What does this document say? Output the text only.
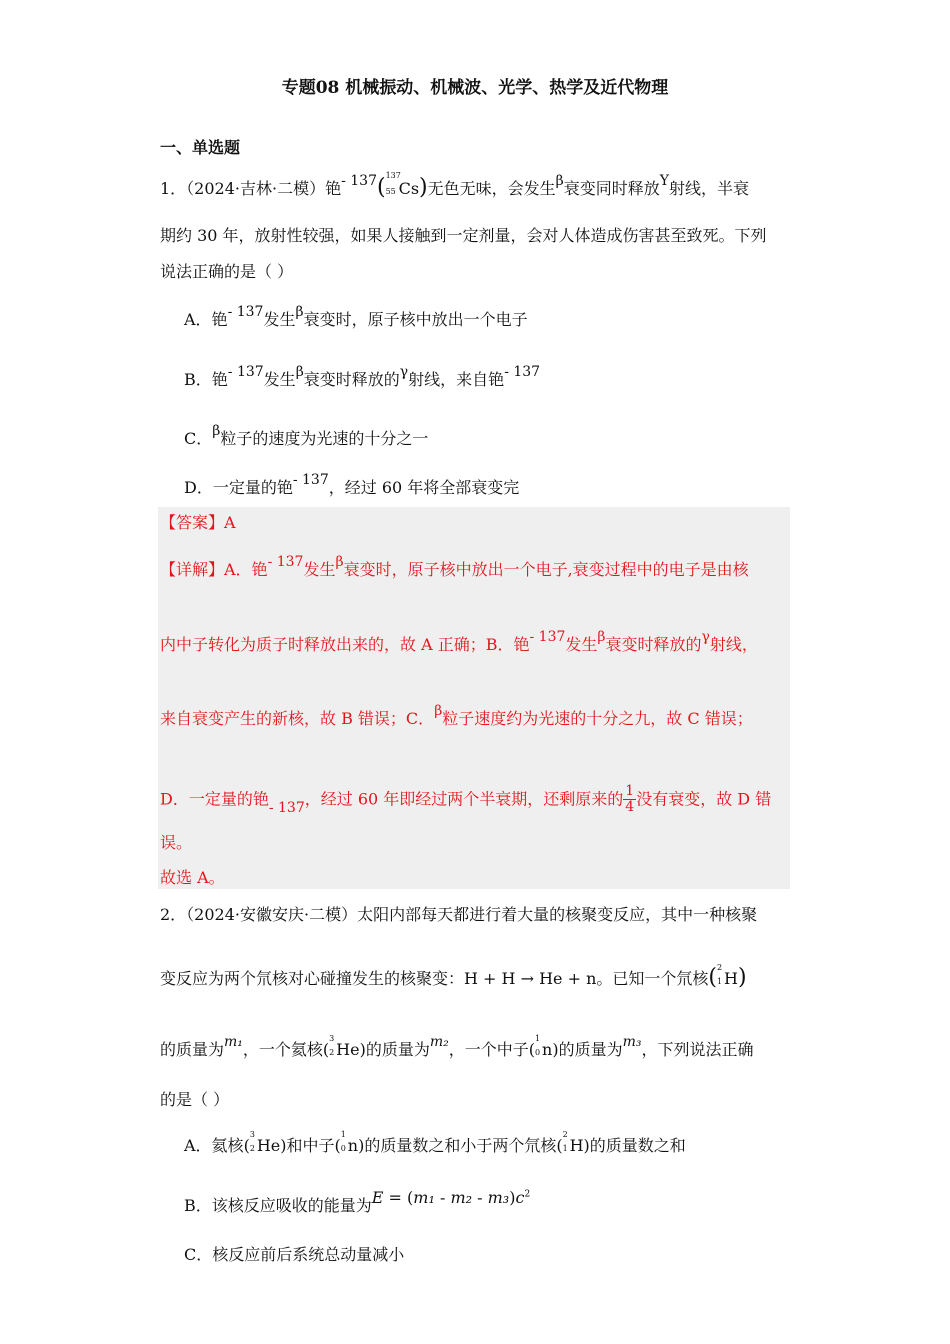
专题08 机械振动、机械波、光学、热学及近代物理
一、单选题
1．（2024·吉林·二模）铯- 137( 137
55 Cs)无色无味，会发生β衰变同时释放Y射线，半衰
期约 30 年，放射性较强，如果人接触到一定剂量，会对人体造成伤害甚至致死。下列
说法正确的是（ ）
A．铯- 137发生β衰变时，原子核中放出一个电子
B．铯- 137发生β衰变时释放的γ射线，来自铯- 137
C．β粒子的速度为光速的十分之一
D．一定量的铯- 137，经过 60 年将全部衰变完
【答案】A
【详解】A．铯- 137发生β衰变时，原子核中放出一个电子,衰变过程中的电子是由核
内中子转化为质子时释放出来的，故 A 正确；B．铯- 137发生β衰变时释放的γ射线，
来自衰变产生的新核，故 B 错误；C．β粒子速度约为光速的十分之九，故 C 错误；
D．一定量的铯- 137，经过 60 年即经过两个半衰期，还剩原来的 $\frac{1}{4}$ 没有衰变，故 D 错
误。
故选 A。
2．（2024·安徽安庆·二模）太阳内部每天都进行着大量的核聚变反应，其中一种核聚
变反应为两个氘核对心碰撞发生的核聚变：H + H → He + n。已知一个氘核( 2
1 H)
的质量为m₁，一个氦核(
3
2 He)的质量为m₂，一个中子(
1
0 n)的质量为m₃，下列说法正确
的是（ ）
A．氦核(
3
2 He)和中子(
1
0 n)的质量数之和小于两个氘核(
2
1 H)的质量数之和
B．该核反应吸收的能量为$E = (m_1 - m_2 - m_3)c^2$
C．核反应前后系统总动量减小
